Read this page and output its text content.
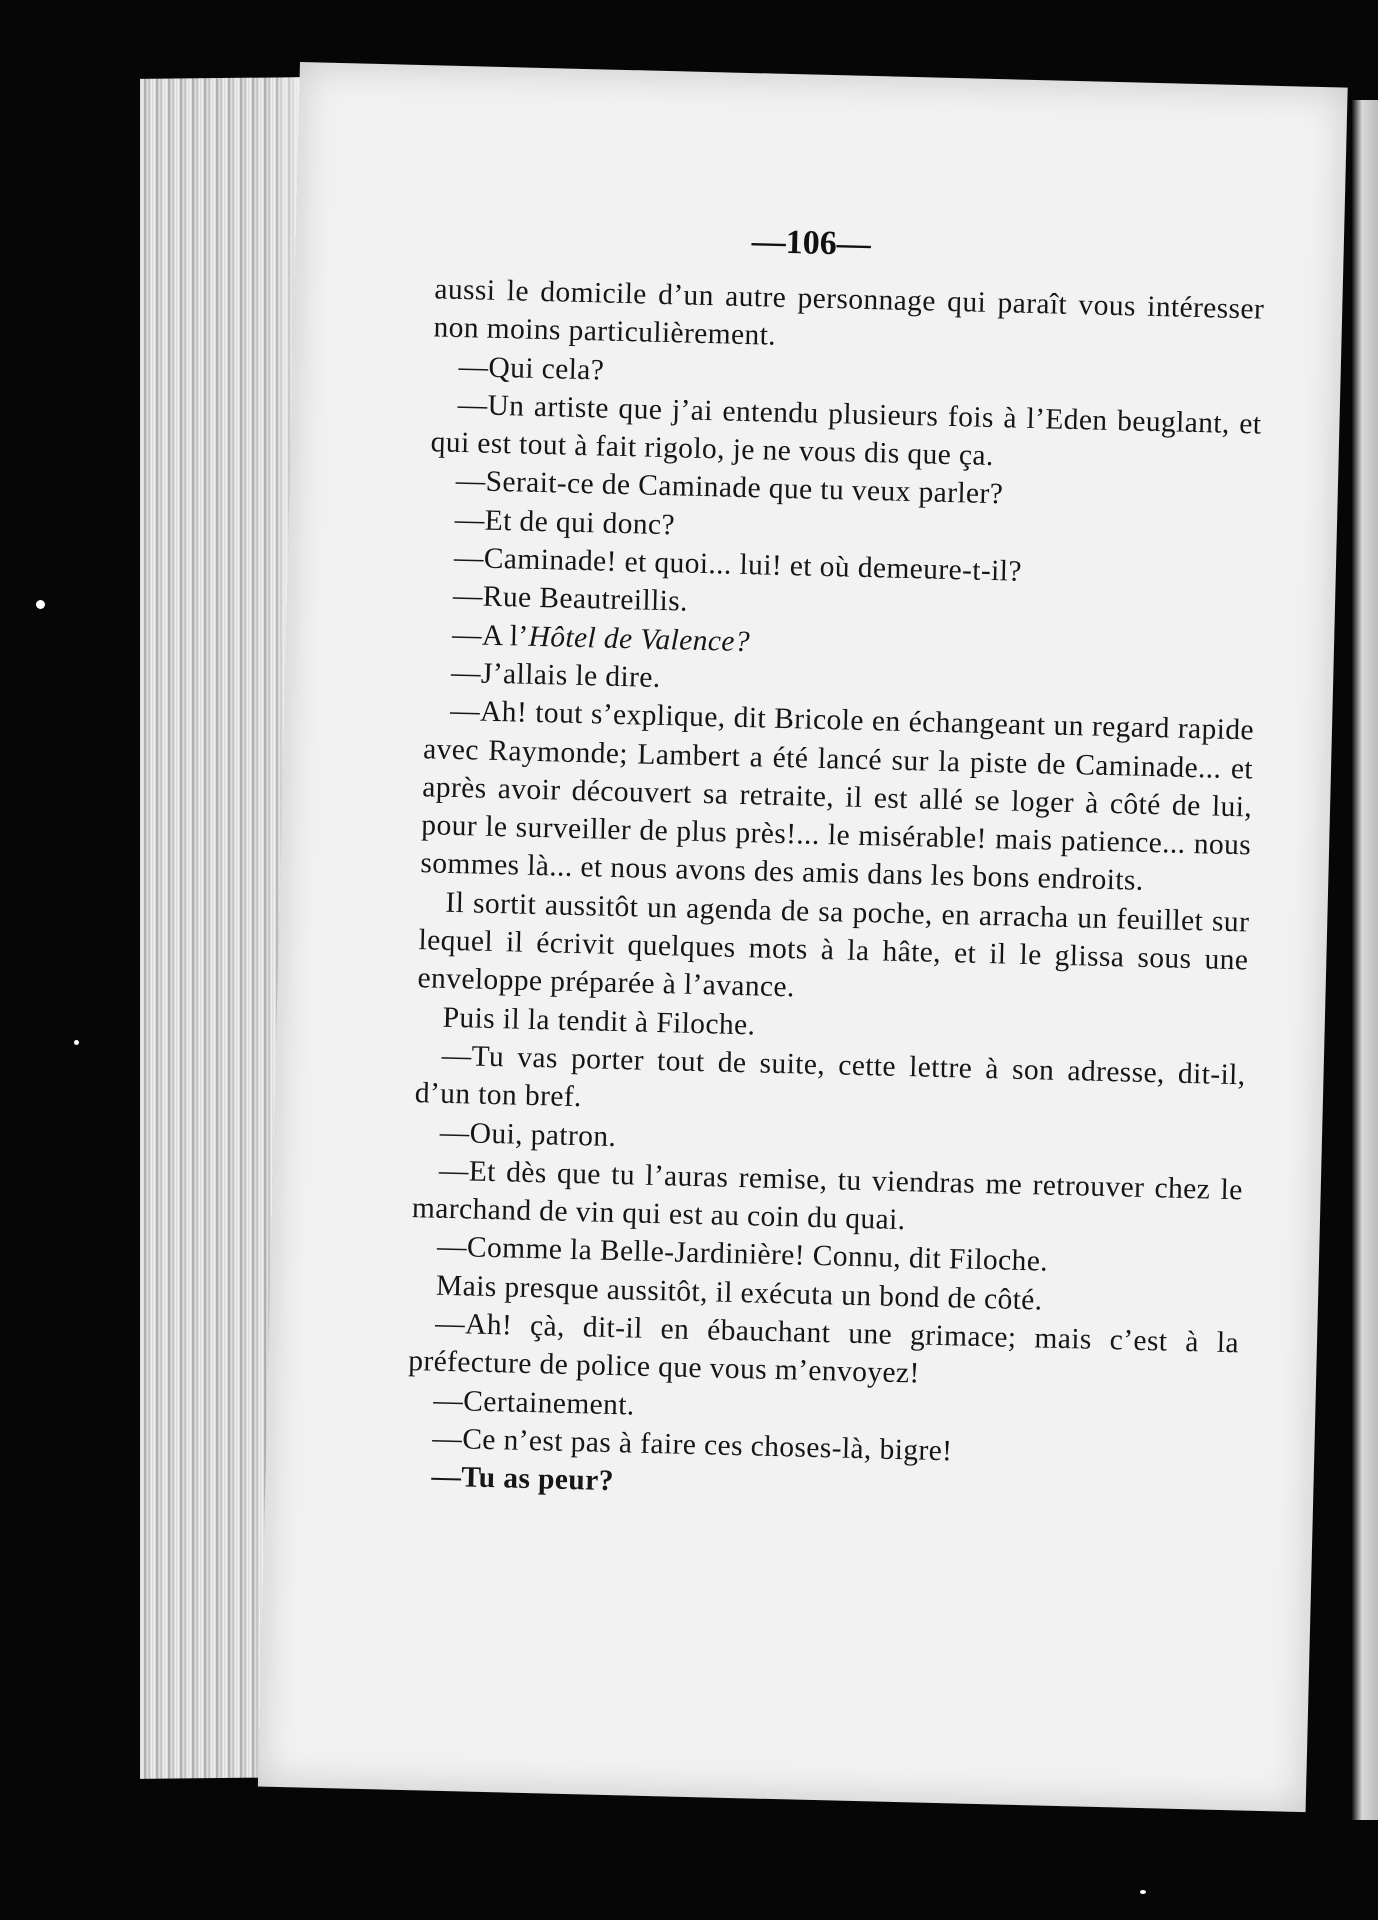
—106—

aussi le domicile d’un autre personnage qui paraît vous intéresser non moins particulièrement.

—Qui cela?

—Un artiste que j’ai entendu plusieurs fois à l’Eden beuglant, et qui est tout à fait rigolo, je ne vous dis que ça.

—Serait-ce de Caminade que tu veux parler?

—Et de qui donc?

—Caminade! et quoi... lui! et où demeure-t-il?

—Rue Beautreillis.

—A l’Hôtel de Valence?

—J’allais le dire.

—Ah! tout s’explique, dit Bricole en échangeant un regard rapide avec Raymonde; Lambert a été lancé sur la piste de Caminade... et après avoir découvert sa retraite, il est allé se loger à côté de lui, pour le surveiller de plus près!... le misérable! mais patience... nous sommes là... et nous avons des amis dans les bons endroits.

Il sortit aussitôt un agenda de sa poche, en arracha un feuillet sur lequel il écrivit quelques mots à la hâte, et il le glissa sous une enveloppe préparée à l’avance.

Puis il la tendit à Filoche.

—Tu vas porter tout de suite, cette lettre à son adresse, dit-il, d’un ton bref.

—Oui, patron.

—Et dès que tu l’auras remise, tu viendras me retrouver chez le marchand de vin qui est au coin du quai.

—Comme la Belle-Jardinière! Connu, dit Filoche.

Mais presque aussitôt, il exécuta un bond de côté.

—Ah! çà, dit-il en ébauchant une grimace; mais c’est à la préfecture de police que vous m’envoyez!

—Certainement.

—Ce n’est pas à faire ces choses-là, bigre!

—Tu as peur?
